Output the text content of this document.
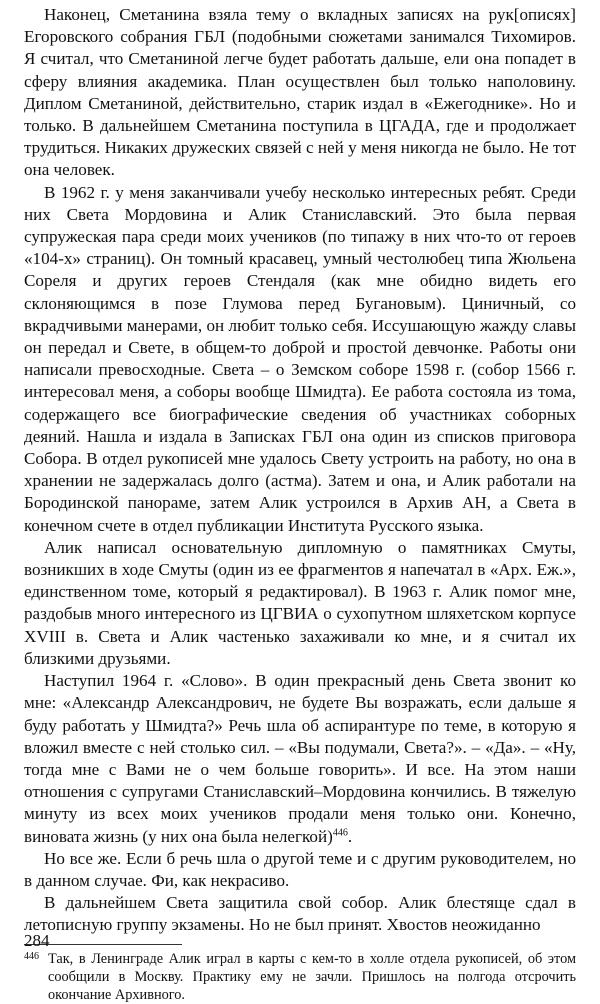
Наконец, Сметанина взяла тему о вкладных записях на рук[описях] Егоровского собрания ГБЛ (подобными сюжетами занимался Тихомиров. Я считал, что Сметаниной легче будет работать дальше, ели она попадет в сферу влияния академика. План осуществлен был только наполовину. Диплом Сметаниной, действительно, старик издал в «Ежегоднике». Но и только. В дальнейшем Сметанина поступила в ЦГАДА, где и продолжает трудиться. Никаких дружеских связей с ней у меня никогда не было. Не тот она человек.

В 1962 г. у меня заканчивали учебу несколько интересных ребят. Среди них Света Мордовина и Алик Станиславский. Это была первая супружеская пара среди моих учеников (по типажу в них что-то от героев «104-х» страниц). Он томный красавец, умный честолюбец типа Жюльена Сореля и других героев Стендаля (как мне обидно видеть его склоняющимся в позе Глумова перед Бугановым). Циничный, со вкрадчивыми манерами, он любит только себя. Иссушающую жажду славы он передал и Свете, в общем-то доброй и простой девчонке. Работы они написали превосходные. Света – о Земском соборе 1598 г. (собор 1566 г. интересовал меня, а соборы вообще Шмидта). Ее работа состояла из тома, содержащего все биографические сведения об участниках соборных деяний. Нашла и издала в Записках ГБЛ она один из списков приговора Собора. В отдел рукописей мне удалось Свету устроить на работу, но она в хранении не задержалась долго (астма). Затем и она, и Алик работали на Бородинской панораме, затем Алик устроился в Архив АН, а Света в конечном счете в отдел публикации Института Русского языка.

Алик написал основательную дипломную о памятниках Смуты, возникших в ходе Смуты (один из ее фрагментов я напечатал в «Арх. Еж.», единственном томе, который я редактировал). В 1963 г. Алик помог мне, раздобыв много интересного из ЦГВИА о сухопутном шляхетском корпусе XVIII в. Света и Алик частенько захаживали ко мне, и я считал их близкими друзьями.

Наступил 1964 г. «Слово». В один прекрасный день Света звонит ко мне: «Александр Александрович, не будете Вы возражать, если дальше я буду работать у Шмидта?» Речь шла об аспирантуре по теме, в которую я вложил вместе с ней столько сил. – «Вы подумали, Света?». – «Да». – «Ну, тогда мне с Вами не о чем больше говорить». И все. На этом наши отношения с супругами Станиславский–Мордовина кончились. В тяжелую минуту из всех моих учеников продали меня только они. Конечно, виновата жизнь (у них она была нелегкой)$^{446}$.

Но все же. Если б речь шла о другой теме и с другим руководителем, но в данном случае. Фи, как некрасиво.

В дальнейшем Света защитила свой собор. Алик блестяще сдал в летописную группу экзамены. Но не был принят. Хвостов неожиданно

446 Так, в Ленинграде Алик играл в карты с кем-то в холле отдела рукописей, об этом сообщили в Москву. Практику ему не зачли. Пришлось на полгода отсрочить окончание Архивного.

284
